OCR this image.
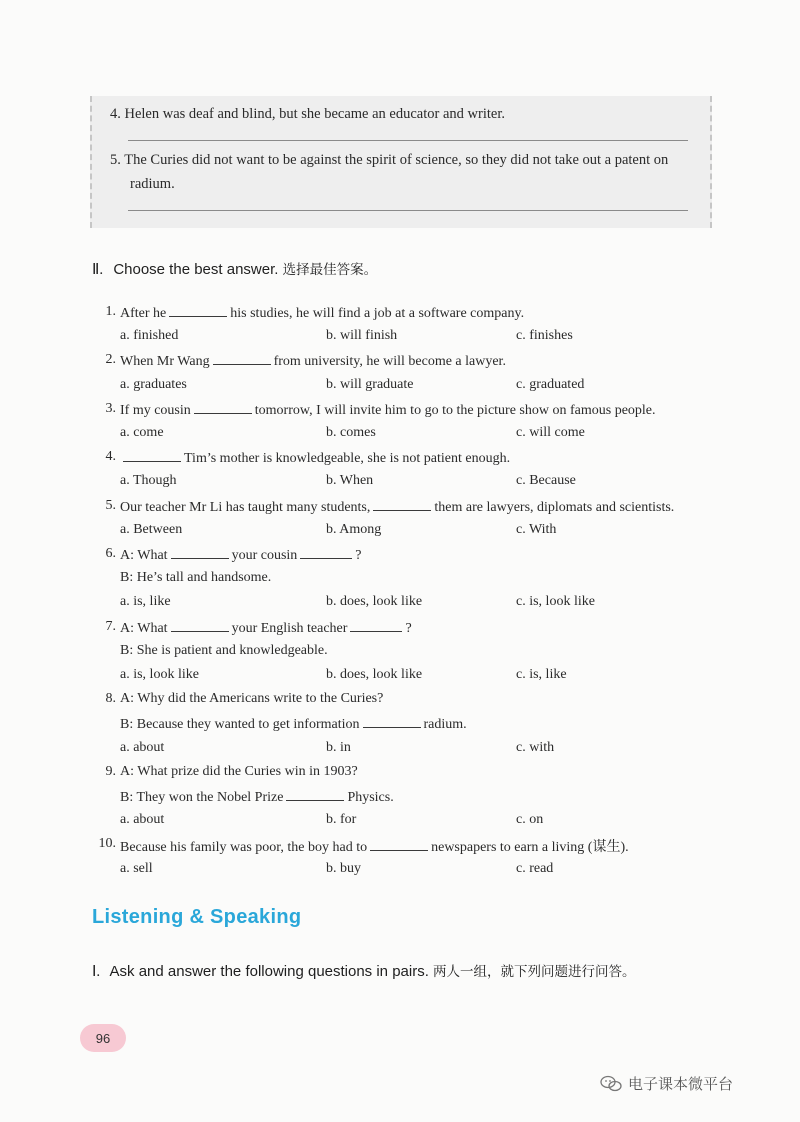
4. Helen was deaf and blind, but she became an educator and writer.
5. The Curies did not want to be against the spirit of science, so they did not take out a patent on
radium.
Ⅱ. Choose the best answer. 选择最佳答案。
1. After he	his studies, he will find a job at a software company.
a. finished	b. will finish	c. finishes
2. When Mr Wang	from university, he will become a lawyer.
a. graduates	b. will graduate	c. graduated
3. If my cousin	tomorrow, I will invite him to go to the picture show on famous people.
a. come	b. comes	c. will come
4.	Tim’s mother is knowledgeable, she is not patient enough.
a. Though	b. When	c. Because
5. Our teacher Mr Li has taught many students,	them are lawyers, diplomats and scientists.
a. Between	b. Among	c. With
6. A: What	your cousin	?
B: He’s tall and handsome.
a. is, like	b. does, look like	c. is, look like
7. A: What	your English teacher	?
B: She is patient and knowledgeable.
a. is, look like	b. does, look like	c. is, like
8. A: Why did the Americans write to the Curies?
B: Because they wanted to get information	radium.
a. about	b. in	c. with
9. A: What prize did the Curies win in 1903?
B: They won the Nobel Prize	Physics.
a. about	b. for	c. on
10. Because his family was poor, the boy had to	newspapers to earn a living (谋生).
a. sell	b. buy	c. read
Listening & Speaking
Ⅰ. Ask and answer the following questions in pairs. 两人一组，就下列问题进行问答。
96
电子课本微平台
